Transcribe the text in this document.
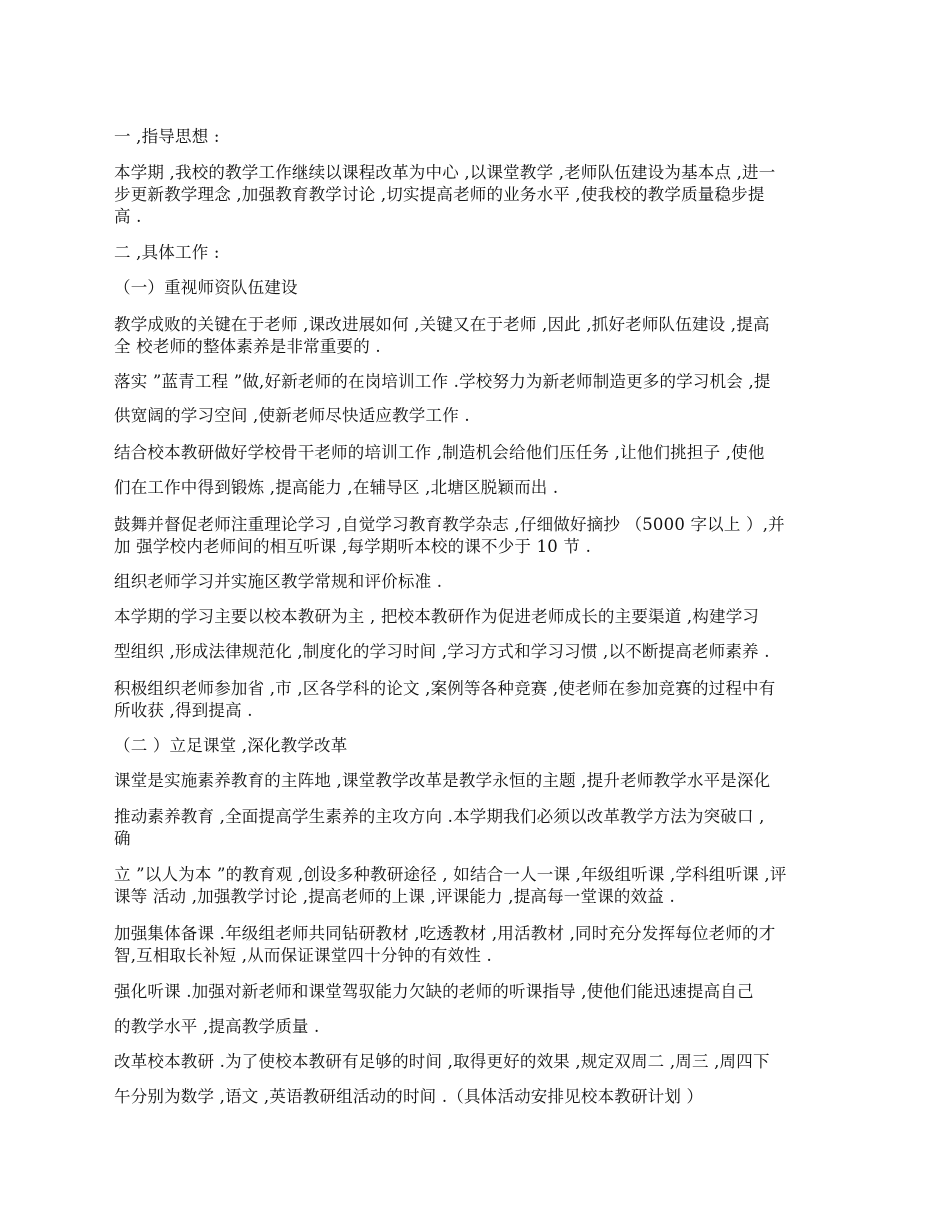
一 ,指导思想 :
本学期 ,我校的教学工作继续以课程改革为中心 ,以课堂教学 ,老师队伍建设为基本点 ,进一
步更新教学理念 ,加强教育教学讨论 ,切实提高老师的业务水平 ,使我校的教学质量稳步提
高 .
二 ,具体工作 :
（一）重视师资队伍建设
教学成败的关键在于老师 ,课改进展如何 ,关键又在于老师 ,因此 ,抓好老师队伍建设 ,提高
全 校老师的整体素养是非常重要的 .
落实 ”蓝青工程 ”做,好新老师的在岗培训工作 .学校努力为新老师制造更多的学习机会 ,提
供宽阔的学习空间 ,使新老师尽快适应教学工作 .
结合校本教研做好学校骨干老师的培训工作 ,制造机会给他们压任务 ,让他们挑担子 ,使他
们在工作中得到锻炼 ,提高能力 ,在辅导区 ,北塘区脱颖而出 .
鼓舞并督促老师注重理论学习 ,自觉学习教育教学杂志 ,仔细做好摘抄 （5000 字以上 ）,并
加 强学校内老师间的相互听课 ,每学期听本校的课不少于 10 节 .
组织老师学习并实施区教学常规和评价标准 .
本学期的学习主要以校本教研为主 , 把校本教研作为促进老师成长的主要渠道 ,构建学习
型组织 ,形成法律规范化 ,制度化的学习时间 ,学习方式和学习习惯 ,以不断提高老师素养 .
积极组织老师参加省 ,市 ,区各学科的论文 ,案例等各种竞赛 ,使老师在参加竞赛的过程中有
所收获 ,得到提高 .
（二 ）立足课堂 ,深化教学改革
课堂是实施素养教育的主阵地 ,课堂教学改革是教学永恒的主题 ,提升老师教学水平是深化
推动素养教育 ,全面提高学生素养的主攻方向 .本学期我们必须以改革教学方法为突破口 ,
确
立 ”以人为本 ”的教育观 ,创设多种教研途径 , 如结合一人一课 ,年级组听课 ,学科组听课 ,评
课等 活动 ,加强教学讨论 ,提高老师的上课 ,评课能力 ,提高每一堂课的效益 .
加强集体备课 .年级组老师共同钻研教材 ,吃透教材 ,用活教材 ,同时充分发挥每位老师的才
智,互相取长补短 ,从而保证课堂四十分钟的有效性 .
强化听课 .加强对新老师和课堂驾驭能力欠缺的老师的听课指导 ,使他们能迅速提高自己
的教学水平 ,提高教学质量 .
改革校本教研 .为了使校本教研有足够的时间 ,取得更好的效果 ,规定双周二 ,周三 ,周四下
午分别为数学 ,语文 ,英语教研组活动的时间 .（具体活动安排见校本教研计划 ）
